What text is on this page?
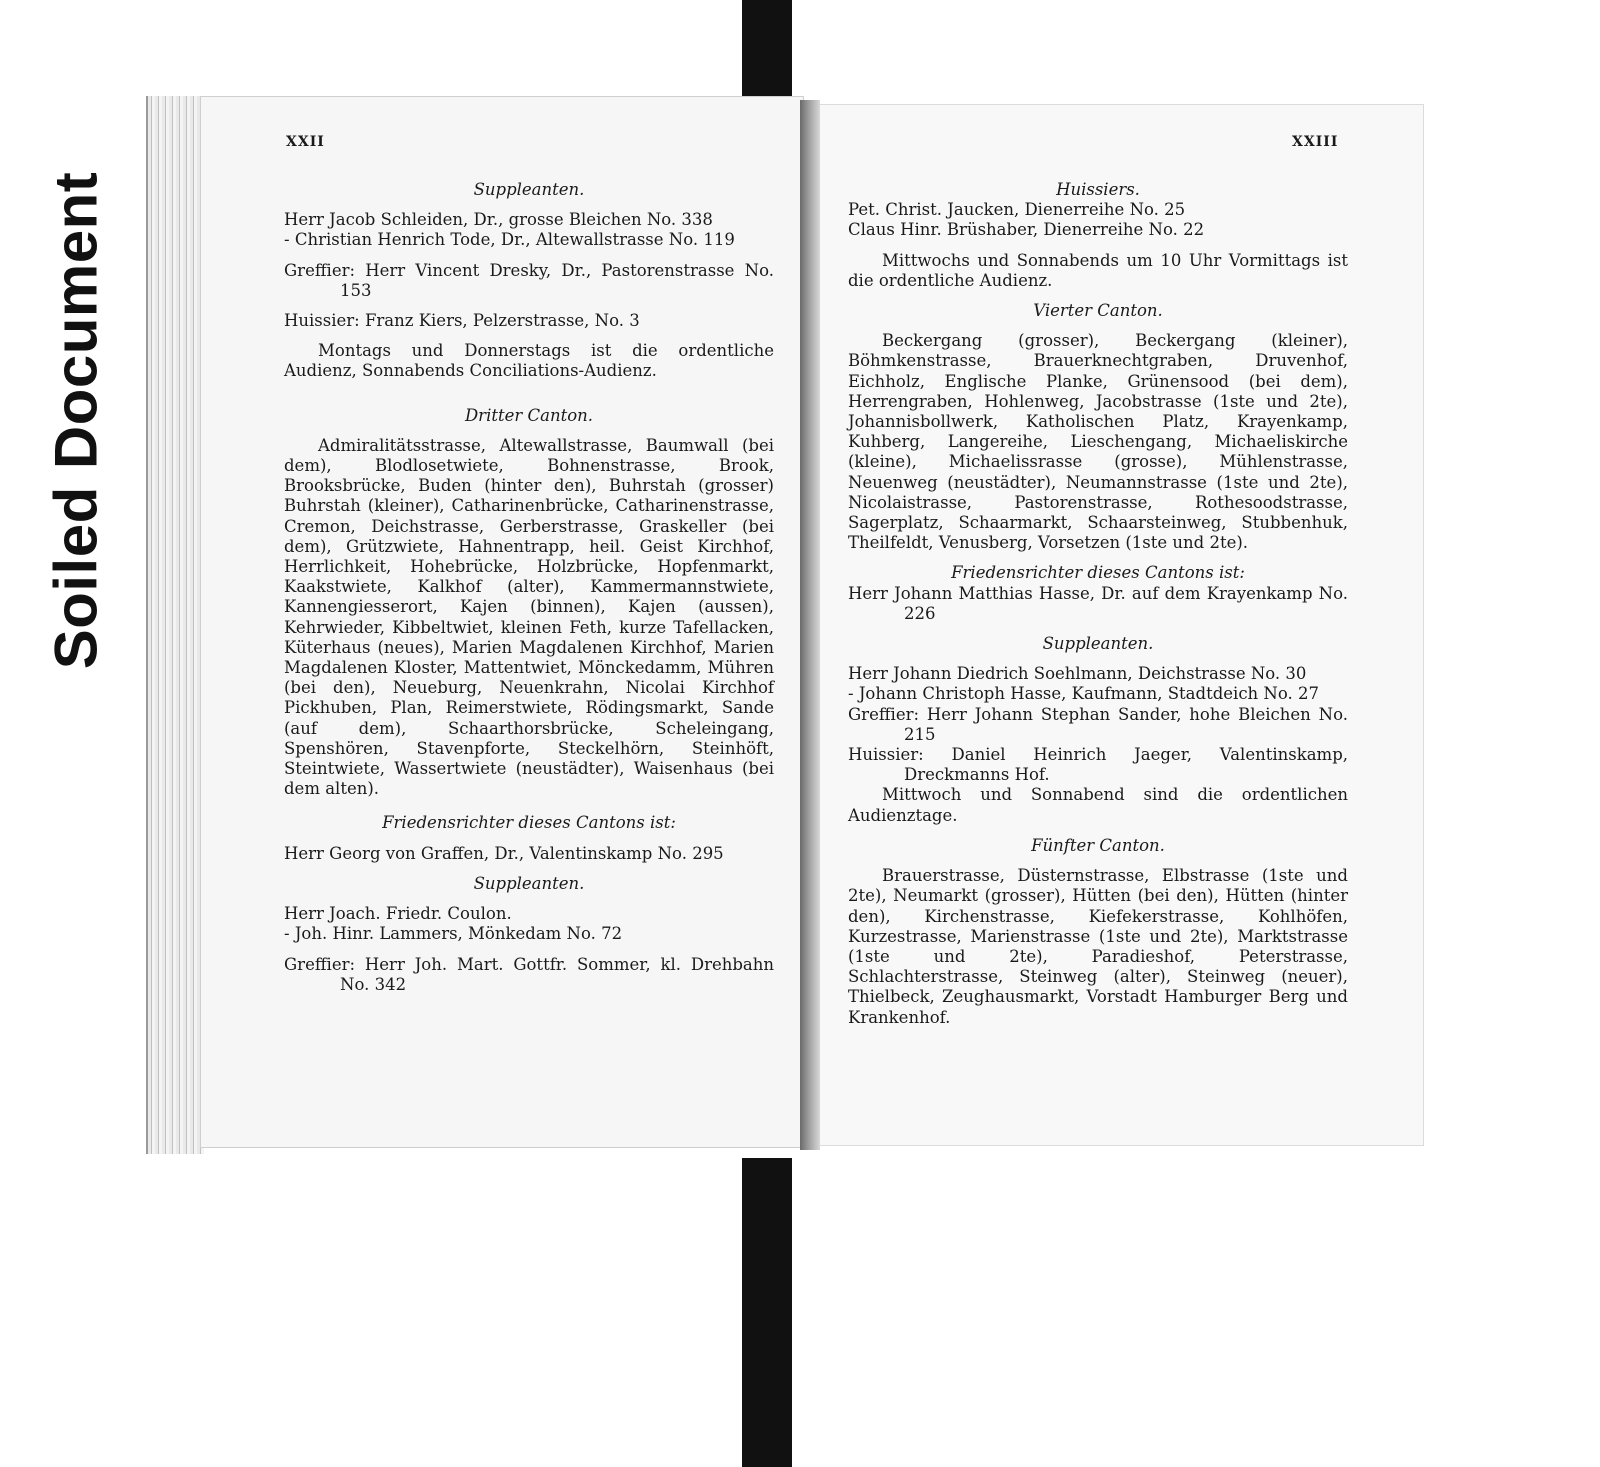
Soiled Document
XXII

Suppleanten.

Herr Jacob Schleiden, Dr., grosse Bleichen No. 338

- Christian Henrich Tode, Dr., Altewallstrasse No. 119

Greffier: Herr Vincent Dresky, Dr., Pastorenstrasse No. 153

Huissier: Franz Kiers, Pelzerstrasse, No. 3

Montags und Donnerstags ist die ordentliche Audienz, Sonnabends Conciliations-Audienz.

Dritter Canton.

Admiralitätsstrasse, Altewallstrasse, Baumwall (bei dem), Blodlosetwiete, Bohnenstrasse, Brook, Brooksbrücke, Buden (hinter den), Buhrstah (grosser) Buhrstah (kleiner), Catharinenbrücke, Catharinenstrasse, Cremon, Deichstrasse, Gerberstrasse, Graskeller (bei dem), Grützwiete, Hahnentrapp, heil. Geist Kirchhof, Herrlichkeit, Hohebrücke, Holzbrücke, Hopfenmarkt, Kaakstwiete, Kalkhof (alter), Kammermannstwiete, Kannengiesserort, Kajen (binnen), Kajen (aussen), Kehrwieder, Kibbeltwiet, kleinen Feth, kurze Tafellacken, Küterhaus (neues), Marien Magdalenen Kirchhof, Marien Magdalenen Kloster, Mattentwiet, Mönckedamm, Mühren (bei den), Neueburg, Neuenkrahn, Nicolai Kirchhof Pickhuben, Plan, Reimerstwiete, Rödingsmarkt, Sande (auf dem), Schaarthorsbrücke, Scheleingang, Spenshören, Stavenpforte, Steckelhörn, Steinhöft, Steintwiete, Wassertwiete (neustädter), Waisenhaus (bei dem alten).

Friedensrichter dieses Cantons ist:

Herr Georg von Graffen, Dr., Valentinskamp No. 295

Suppleanten.

Herr Joach. Friedr. Coulon.

- Joh. Hinr. Lammers, Mönkedam No. 72

Greffier: Herr Joh. Mart. Gottfr. Sommer, kl. Drehbahn No. 342

XXIII

Huissiers.

Pet. Christ. Jaucken, Dienerreihe No. 25

Claus Hinr. Brüshaber, Dienerreihe No. 22

Mittwochs und Sonnabends um 10 Uhr Vormittags ist die ordentliche Audienz.

Vierter Canton.

Beckergang (grosser), Beckergang (kleiner), Böhmkenstrasse, Brauerknechtgraben, Druvenhof, Eichholz, Englische Planke, Grünensood (bei dem), Herrengraben, Hohlenweg, Jacobstrasse (1ste und 2te), Johannisbollwerk, Katholischen Platz, Krayenkamp, Kuhberg, Langereihe, Lieschengang, Michaeliskirche (kleine), Michaelissrasse (grosse), Mühlenstrasse, Neuenweg (neustädter), Neumannstrasse (1ste und 2te), Nicolaistrasse, Pastorenstrasse, Rothesoodstrasse, Sagerplatz, Schaarmarkt, Schaarsteinweg, Stubbenhuk, Theilfeldt, Venusberg, Vorsetzen (1ste und 2te).

Friedensrichter dieses Cantons ist:

Herr Johann Matthias Hasse, Dr. auf dem Krayenkamp No. 226

Suppleanten.

Herr Johann Diedrich Soehlmann, Deichstrasse No. 30

- Johann Christoph Hasse, Kaufmann, Stadtdeich No. 27

Greffier: Herr Johann Stephan Sander, hohe Bleichen No. 215

Huissier: Daniel Heinrich Jaeger, Valentinskamp, Dreckmanns Hof.

Mittwoch und Sonnabend sind die ordentlichen Audienztage.

Fünfter Canton.

Brauerstrasse, Düsternstrasse, Elbstrasse (1ste und 2te), Neumarkt (grosser), Hütten (bei den), Hütten (hinter den), Kirchenstrasse, Kiefekerstrasse, Kohlhöfen, Kurzestrasse, Marienstrasse (1ste und 2te), Marktstrasse (1ste und 2te), Paradieshof, Peterstrasse, Schlachterstrasse, Steinweg (alter), Steinweg (neuer), Thielbeck, Zeughausmarkt, Vorstadt Hamburger Berg und Krankenhof.
